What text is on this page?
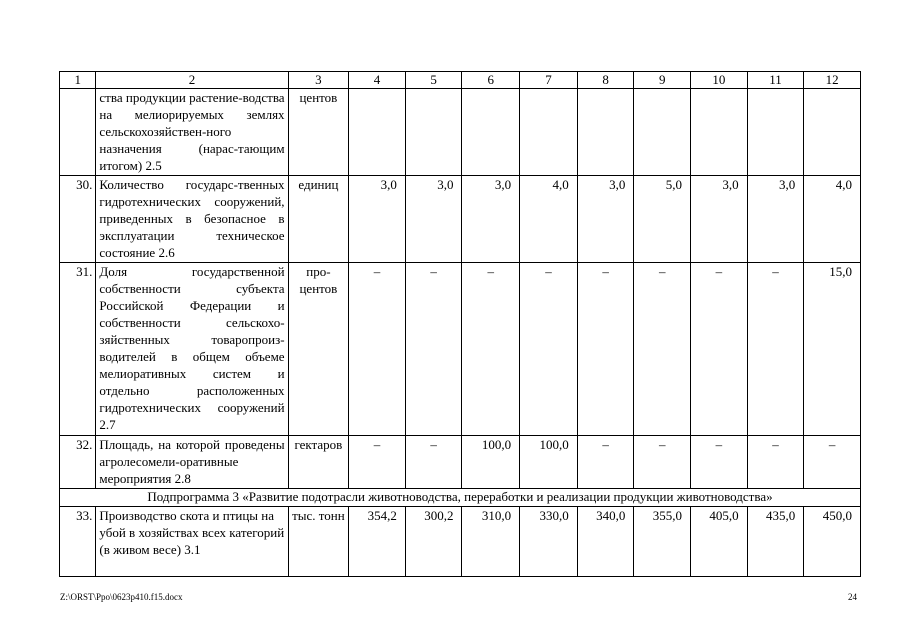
1	2	3	4	5	6	7	8	9	10	11	12
	ства продукции растение-водства на мелиорируемых землях сельскохозяйствен-ного назначения (нарас-тающим итогом) 2.5	центов									
30.	Количество государс-твенных гидротехнических сооружений, приведенных в безопасное в эксплуатации техническое состояние 2.6	единиц	3,0	3,0	3,0	4,0	3,0	5,0	3,0	3,0	4,0
31.	Доля государственной собственности субъекта Российской Федерации и собственности сельскохо-зяйственных товаропроиз-водителей в общем объеме мелиоративных систем и отдельно расположенных гидротехнических сооружений 2.7	про-центов	–	–	–	–	–	–	–	–	15,0
32.	Площадь, на которой проведены агролесомели-оративные мероприятия 2.8	гектаров	–	–	100,0	100,0	–	–	–	–	–
Подпрограмма 3 «Развитие подотрасли животноводства, переработки и реализации продукции животноводства»											
33.	Производство скота и птицы на убой в хозяйствах всех категорий (в живом весе) 3.1	тыс. тонн	354,2	300,2	310,0	330,0	340,0	355,0	405,0	435,0	450,0
Z:\ORST\Ppo\0623p410.f15.docx	24
